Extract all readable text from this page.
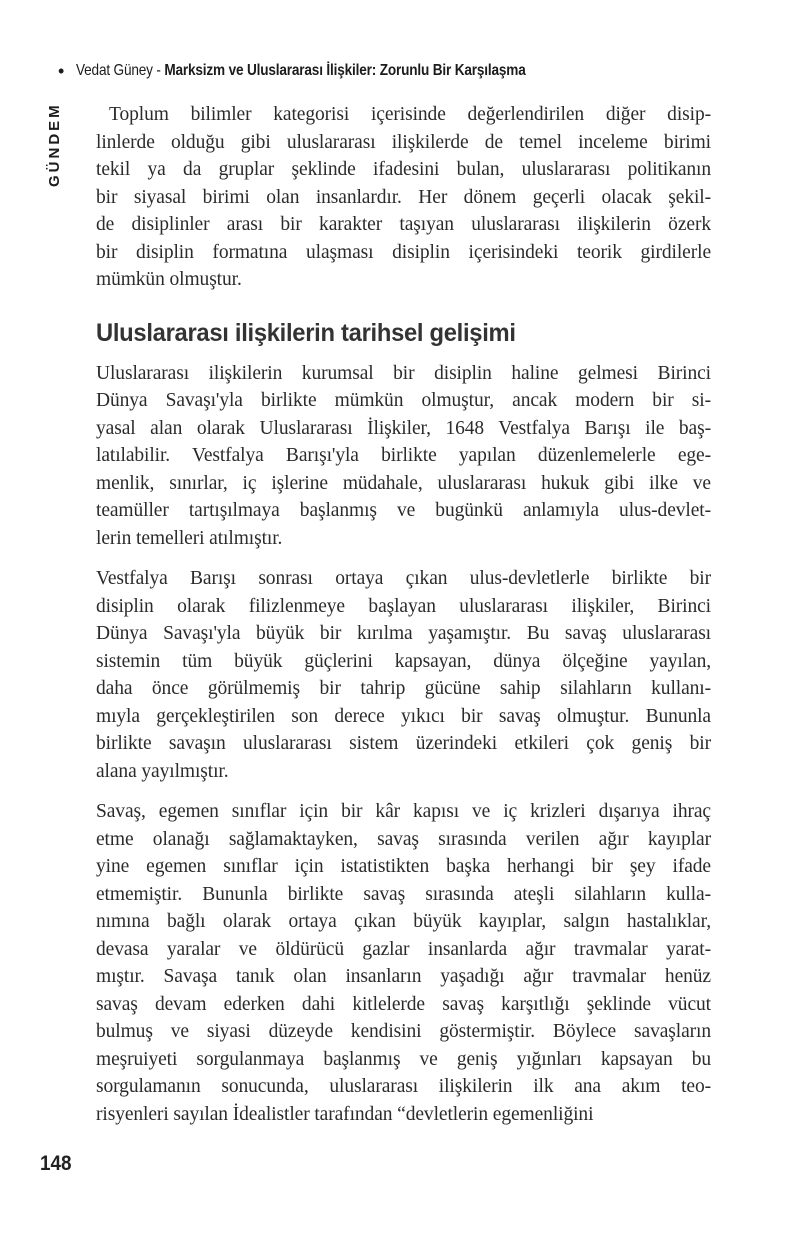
• Vedat Güney - Marksizm ve Uluslararası İlişkiler: Zorunlu Bir Karşılaşma
GÜNDEM	Toplum bilimler kategorisi içerisinde değerlendirilen diğer disip-
linlerde olduğu gibi uluslararası ilişkilerde de temel inceleme birimi
tekil ya da gruplar şeklinde ifadesini bulan, uluslararası politikanın
bir siyasal birimi olan insanlardır. Her dönem geçerli olacak şekil-
de disiplinler arası bir karakter taşıyan uluslararası ilişkilerin özerk
bir disiplin formatına ulaşması disiplin içerisindeki teorik girdilerle
mümkün olmuştur.
Uluslararası ilişkilerin tarihsel gelişimi
Uluslararası ilişkilerin kurumsal bir disiplin haline gelmesi Birinci
Dünya Savaşı'yla birlikte mümkün olmuştur, ancak modern bir si-
yasal alan olarak Uluslararası İlişkiler, 1648 Vestfalya Barışı ile baş-
latılabilir. Vestfalya Barışı'yla birlikte yapılan düzenlemelerle ege-
menlik, sınırlar, iç işlerine müdahale, uluslararası hukuk gibi ilke ve
teamüller tartışılmaya başlanmış ve bugünkü anlamıyla ulus-devlet-
lerin temelleri atılmıştır.
Vestfalya Barışı sonrası ortaya çıkan ulus-devletlerle birlikte bir
disiplin olarak filizlenmeye başlayan uluslararası ilişkiler, Birinci
Dünya Savaşı'yla büyük bir kırılma yaşamıştır. Bu savaş uluslararası
sistemin tüm büyük güçlerini kapsayan, dünya ölçeğine yayılan,
daha önce görülmemiş bir tahrip gücüne sahip silahların kullanı-
mıyla gerçekleştirilen son derece yıkıcı bir savaş olmuştur. Bununla
birlikte savaşın uluslararası sistem üzerindeki etkileri çok geniş bir
alana yayılmıştır.
Savaş, egemen sınıflar için bir kâr kapısı ve iç krizleri dışarıya ihraç
etme olanağı sağlamaktayken, savaş sırasında verilen ağır kayıplar
yine egemen sınıflar için istatistikten başka herhangi bir şey ifade
etmemiştir. Bununla birlikte savaş sırasında ateşli silahların kulla-
nımına bağlı olarak ortaya çıkan büyük kayıplar, salgın hastalıklar,
devasa yaralar ve öldürücü gazlar insanlarda ağır travmalar yarat-
mıştır. Savaşa tanık olan insanların yaşadığı ağır travmalar henüz
savaş devam ederken dahi kitlelerde savaş karşıtlığı şeklinde vücut
bulmuş ve siyasi düzeyde kendisini göstermiştir. Böylece savaşların
meşruiyeti sorgulanmaya başlanmış ve geniş yığınları kapsayan bu
sorgulamanın sonucunda, uluslararası ilişkilerin ilk ana akım teo-
risyenleri sayılan İdealistler tarafından “devletlerin egemenliğini
148
